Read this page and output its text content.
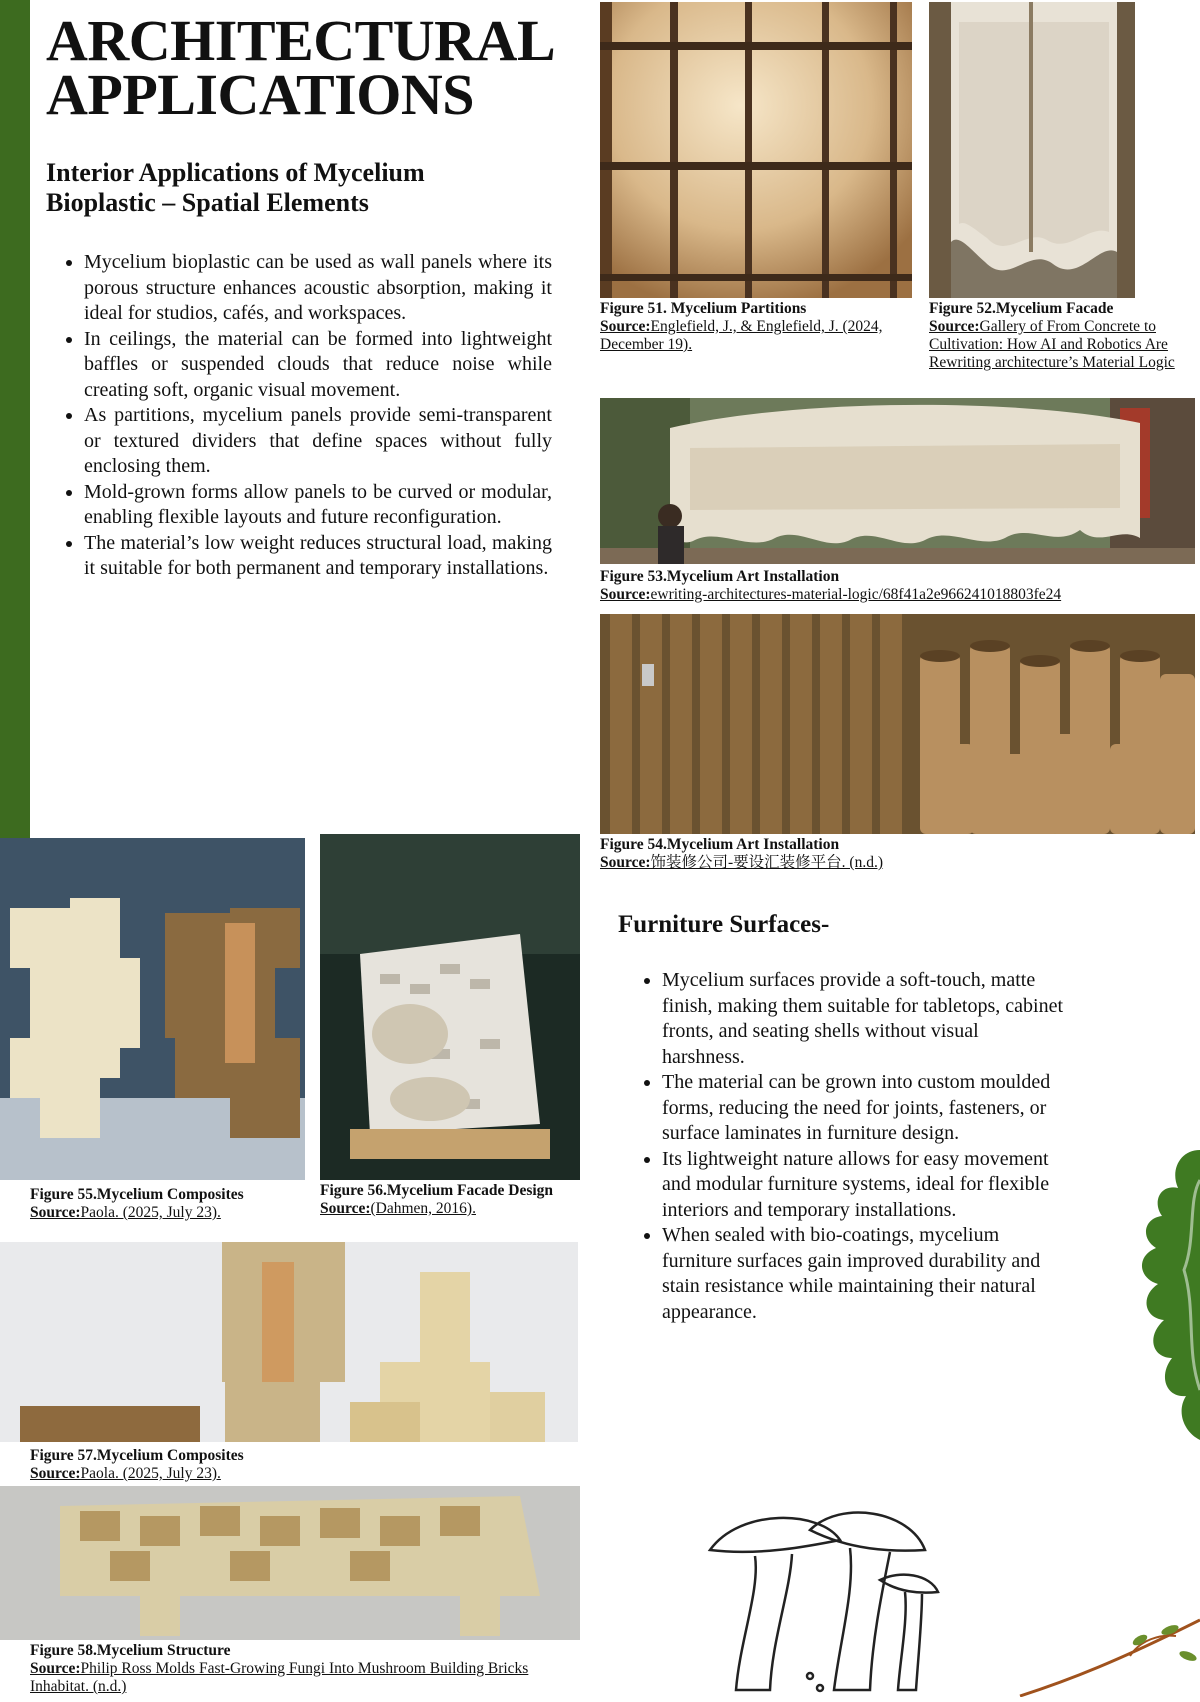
ARCHITECTURAL
APPLICATIONS
Interior Applications of Mycelium
Bioplastic – Spatial Elements
• Mycelium bioplastic can be used as wall panels where its porous structure enhances acoustic absorption, making it ideal for studios, cafés, and workspaces.
• In ceilings, the material can be formed into lightweight baffles or suspended clouds that reduce noise while creating soft, organic visual movement.
• As partitions, mycelium panels provide semi-transparent or textured dividers that define spaces without fully enclosing them.
• Mold-grown forms allow panels to be curved or modular, enabling flexible layouts and future reconfiguration.
• The material’s low weight reduces structural load, making it suitable for both permanent and temporary installations.
Figure 51. Mycelium Partitions
Source:Englefield, J., & Englefield, J. (2024, December 19).
Figure 52.Mycelium Facade
Source:Gallery of From Concrete to Cultivation: How AI and Robotics Are Rewriting architecture’s Material Logic
Figure 53.Mycelium Art Installation
Source:ewriting-architectures-material-logic/68f41a2e966241018803fe24
Figure 54.Mycelium Art Installation
Source:饰装修公司-要设汇装修平台. (n.d.)
Figure 55.Mycelium Composites
Source:Paola. (2025, July 23).
Figure 56.Mycelium Facade Design
Source:(Dahmen, 2016).
Figure 57.Mycelium Composites
Source:Paola. (2025, July 23).
Figure 58.Mycelium Structure
Source:Philip Ross Molds Fast-Growing Fungi Into Mushroom Building Bricks Inhabitat. (n.d.)
Furniture Surfaces-
• Mycelium surfaces provide a soft-touch, matte finish, making them suitable for tabletops, cabinet fronts, and seating shells without visual harshness.
• The material can be grown into custom moulded forms, reducing the need for joints, fasteners, or surface laminates in furniture design.
• Its lightweight nature allows for easy movement and modular furniture systems, ideal for flexible interiors and temporary installations.
• When sealed with bio-coatings, mycelium furniture surfaces gain improved durability and stain resistance while maintaining their natural appearance.
